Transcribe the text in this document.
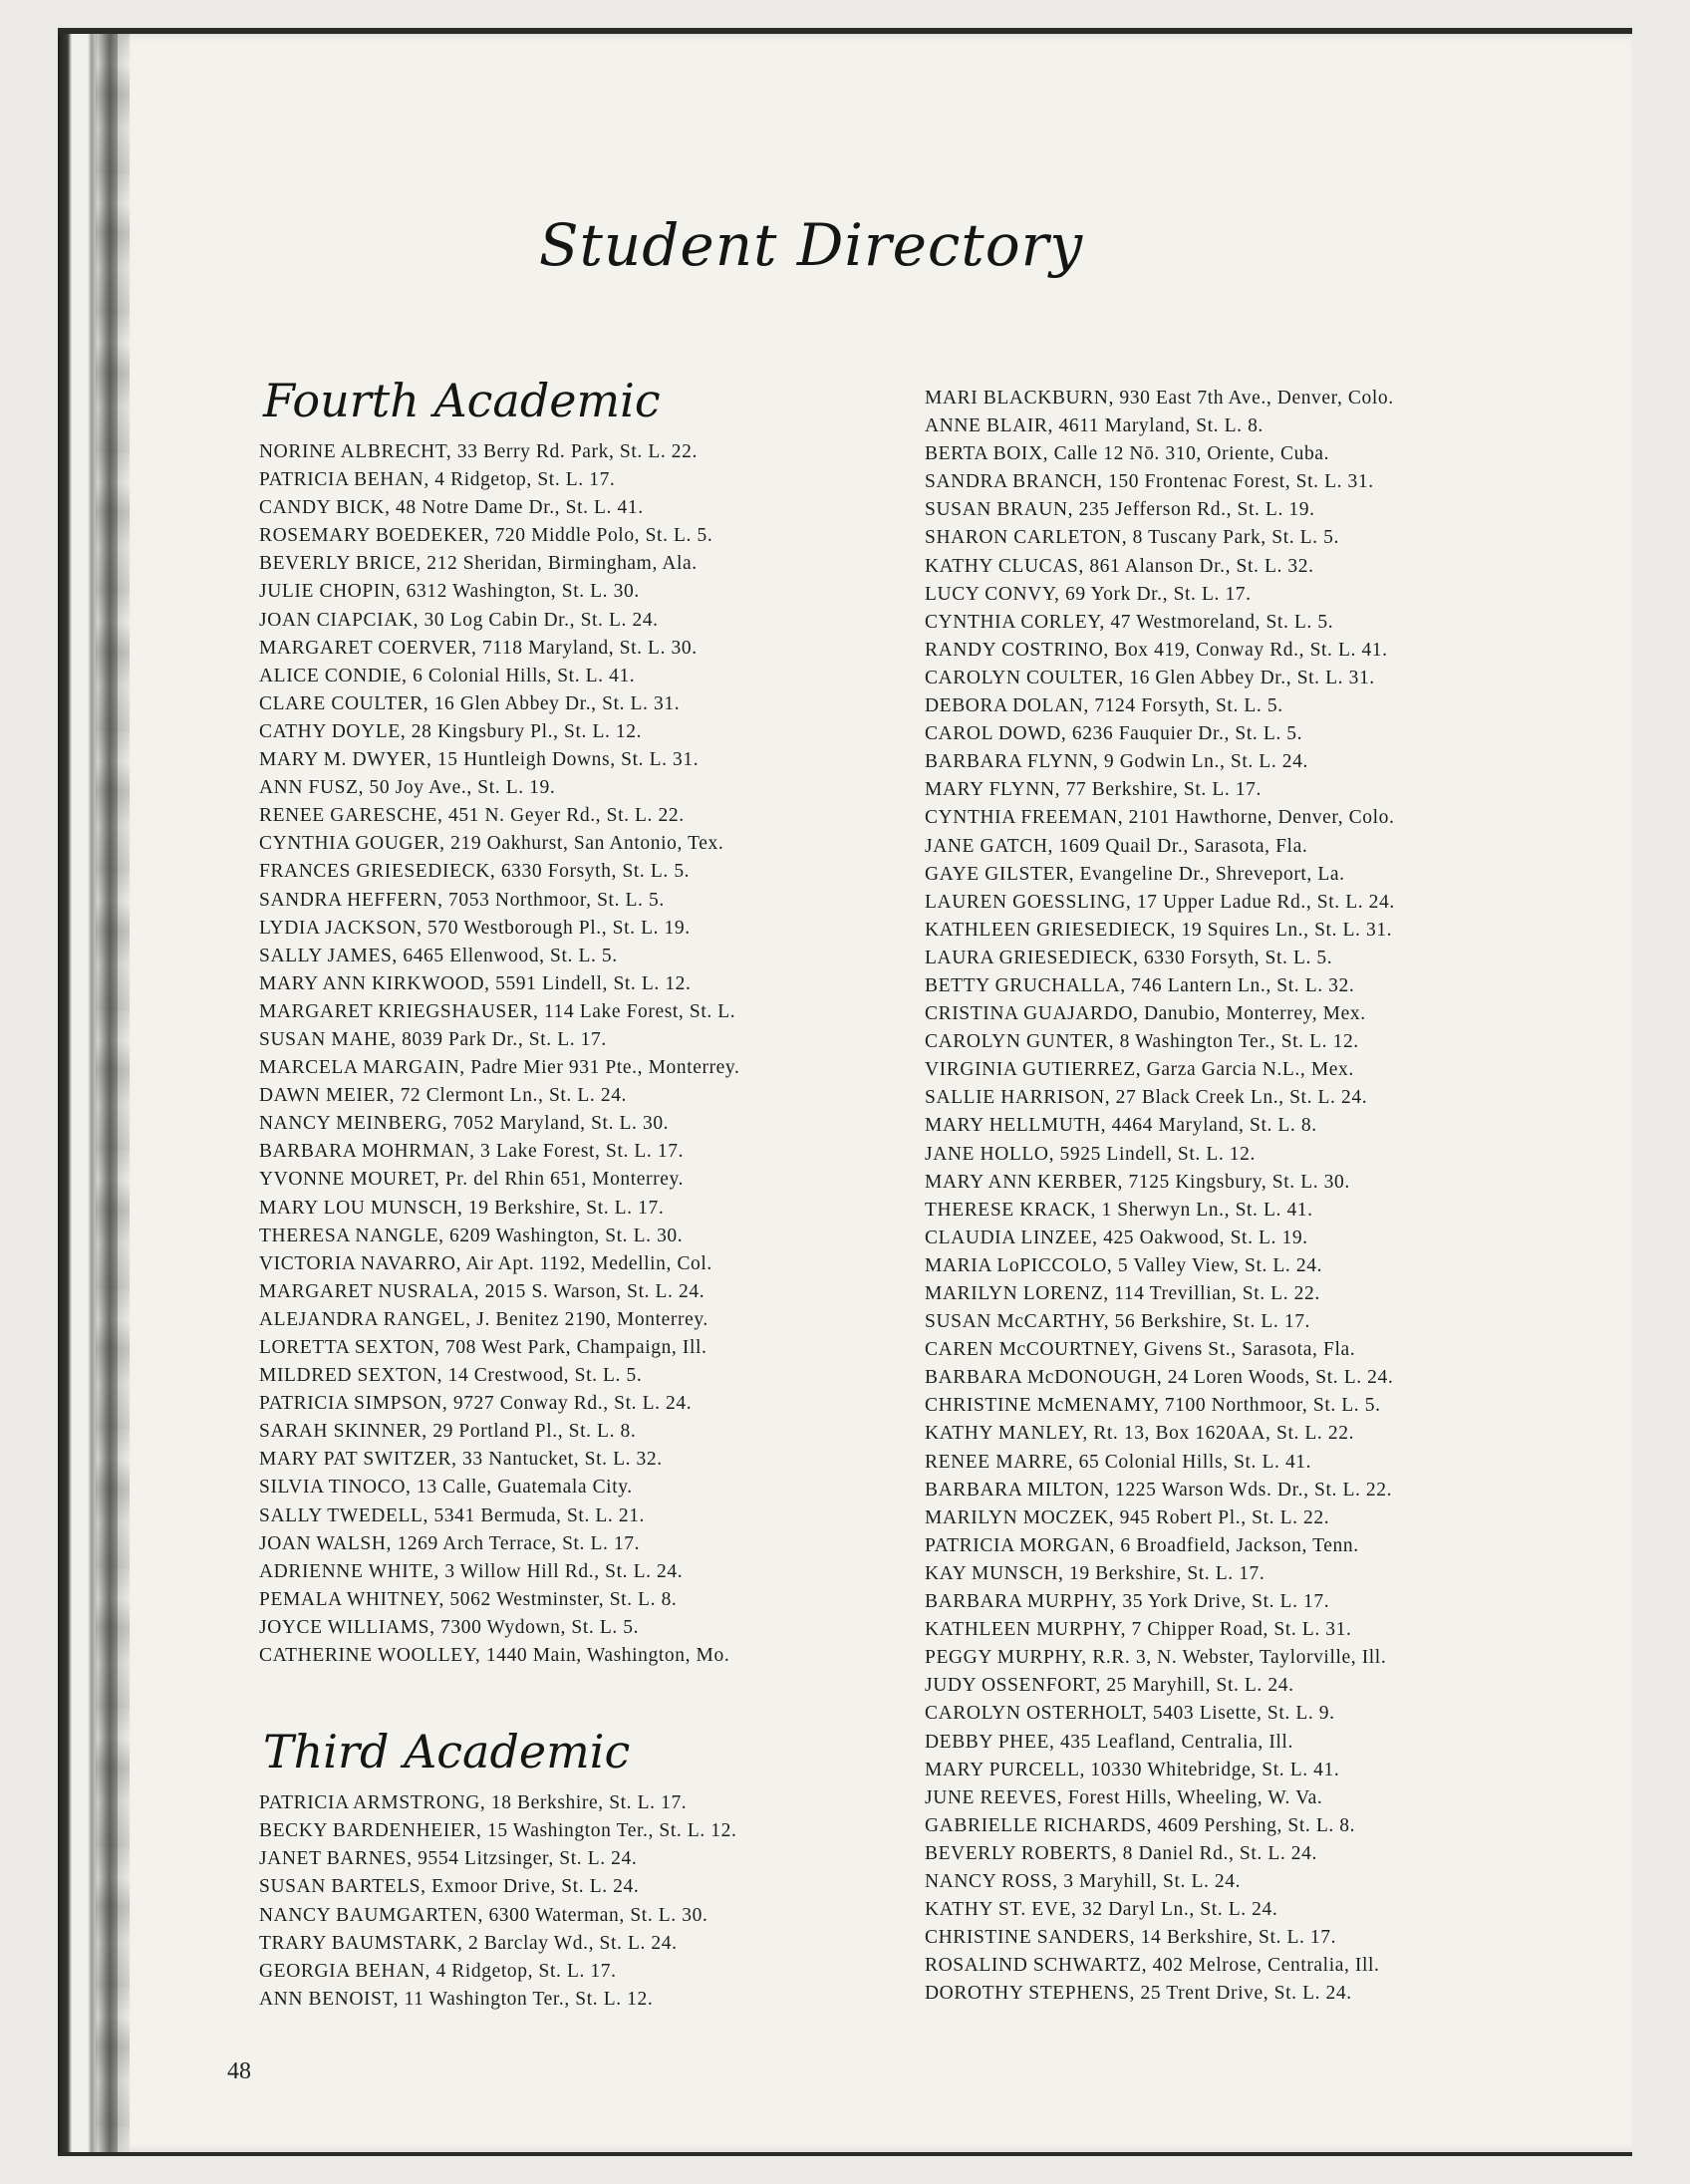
Student Directory
Fourth Academic
NORINE ALBRECHT, 33 Berry Rd. Park, St. L. 22.
PATRICIA BEHAN, 4 Ridgetop, St. L. 17.
CANDY BICK, 48 Notre Dame Dr., St. L. 41.
ROSEMARY BOEDEKER, 720 Middle Polo, St. L. 5.
BEVERLY BRICE, 212 Sheridan, Birmingham, Ala.
JULIE CHOPIN, 6312 Washington, St. L. 30.
JOAN CIAPCIAK, 30 Log Cabin Dr., St. L. 24.
MARGARET COERVER, 7118 Maryland, St. L. 30.
ALICE CONDIE, 6 Colonial Hills, St. L. 41.
CLARE COULTER, 16 Glen Abbey Dr., St. L. 31.
CATHY DOYLE, 28 Kingsbury Pl., St. L. 12.
MARY M. DWYER, 15 Huntleigh Downs, St. L. 31.
ANN FUSZ, 50 Joy Ave., St. L. 19.
RENEE GARESCHE, 451 N. Geyer Rd., St. L. 22.
CYNTHIA GOUGER, 219 Oakhurst, San Antonio, Tex.
FRANCES GRIESEDIECK, 6330 Forsyth, St. L. 5.
SANDRA HEFFERN, 7053 Northmoor, St. L. 5.
LYDIA JACKSON, 570 Westborough Pl., St. L. 19.
SALLY JAMES, 6465 Ellenwood, St. L. 5.
MARY ANN KIRKWOOD, 5591 Lindell, St. L. 12.
MARGARET KRIEGSHAUSER, 114 Lake Forest, St. L.
SUSAN MAHE, 8039 Park Dr., St. L. 17.
MARCELA MARGAIN, Padre Mier 931 Pte., Monterrey.
DAWN MEIER, 72 Clermont Ln., St. L. 24.
NANCY MEINBERG, 7052 Maryland, St. L. 30.
BARBARA MOHRMAN, 3 Lake Forest, St. L. 17.
YVONNE MOURET, Pr. del Rhin 651, Monterrey.
MARY LOU MUNSCH, 19 Berkshire, St. L. 17.
THERESA NANGLE, 6209 Washington, St. L. 30.
VICTORIA NAVARRO, Air Apt. 1192, Medellin, Col.
MARGARET NUSRALA, 2015 S. Warson, St. L. 24.
ALEJANDRA RANGEL, J. Benitez 2190, Monterrey.
LORETTA SEXTON, 708 West Park, Champaign, Ill.
MILDRED SEXTON, 14 Crestwood, St. L. 5.
PATRICIA SIMPSON, 9727 Conway Rd., St. L. 24.
SARAH SKINNER, 29 Portland Pl., St. L. 8.
MARY PAT SWITZER, 33 Nantucket, St. L. 32.
SILVIA TINOCO, 13 Calle, Guatemala City.
SALLY TWEDELL, 5341 Bermuda, St. L. 21.
JOAN WALSH, 1269 Arch Terrace, St. L. 17.
ADRIENNE WHITE, 3 Willow Hill Rd., St. L. 24.
PEMALA WHITNEY, 5062 Westminster, St. L. 8.
JOYCE WILLIAMS, 7300 Wydown, St. L. 5.
CATHERINE WOOLLEY, 1440 Main, Washington, Mo.
Third Academic
PATRICIA ARMSTRONG, 18 Berkshire, St. L. 17.
BECKY BARDENHEIER, 15 Washington Ter., St. L. 12.
JANET BARNES, 9554 Litzsinger, St. L. 24.
SUSAN BARTELS, Exmoor Drive, St. L. 24.
NANCY BAUMGARTEN, 6300 Waterman, St. L. 30.
TRARY BAUMSTARK, 2 Barclay Wd., St. L. 24.
GEORGIA BEHAN, 4 Ridgetop, St. L. 17.
ANN BENOIST, 11 Washington Ter., St. L. 12.
MARI BLACKBURN, 930 East 7th Ave., Denver, Colo.
ANNE BLAIR, 4611 Maryland, St. L. 8.
BERTA BOIX, Calle 12 Nō. 310, Oriente, Cuba.
SANDRA BRANCH, 150 Frontenac Forest, St. L. 31.
SUSAN BRAUN, 235 Jefferson Rd., St. L. 19.
SHARON CARLETON, 8 Tuscany Park, St. L. 5.
KATHY CLUCAS, 861 Alanson Dr., St. L. 32.
LUCY CONVY, 69 York Dr., St. L. 17.
CYNTHIA CORLEY, 47 Westmoreland, St. L. 5.
RANDY COSTRINO, Box 419, Conway Rd., St. L. 41.
CAROLYN COULTER, 16 Glen Abbey Dr., St. L. 31.
DEBORA DOLAN, 7124 Forsyth, St. L. 5.
CAROL DOWD, 6236 Fauquier Dr., St. L. 5.
BARBARA FLYNN, 9 Godwin Ln., St. L. 24.
MARY FLYNN, 77 Berkshire, St. L. 17.
CYNTHIA FREEMAN, 2101 Hawthorne, Denver, Colo.
JANE GATCH, 1609 Quail Dr., Sarasota, Fla.
GAYE GILSTER, Evangeline Dr., Shreveport, La.
LAUREN GOESSLING, 17 Upper Ladue Rd., St. L. 24.
KATHLEEN GRIESEDIECK, 19 Squires Ln., St. L. 31.
LAURA GRIESEDIECK, 6330 Forsyth, St. L. 5.
BETTY GRUCHALLA, 746 Lantern Ln., St. L. 32.
CRISTINA GUAJARDO, Danubio, Monterrey, Mex.
CAROLYN GUNTER, 8 Washington Ter., St. L. 12.
VIRGINIA GUTIERREZ, Garza Garcia N.L., Mex.
SALLIE HARRISON, 27 Black Creek Ln., St. L. 24.
MARY HELLMUTH, 4464 Maryland, St. L. 8.
JANE HOLLO, 5925 Lindell, St. L. 12.
MARY ANN KERBER, 7125 Kingsbury, St. L. 30.
THERESE KRACK, 1 Sherwyn Ln., St. L. 41.
CLAUDIA LINZEE, 425 Oakwood, St. L. 19.
MARIA LoPICCOLO, 5 Valley View, St. L. 24.
MARILYN LORENZ, 114 Trevillian, St. L. 22.
SUSAN McCARTHY, 56 Berkshire, St. L. 17.
CAREN McCOURTNEY, Givens St., Sarasota, Fla.
BARBARA McDONOUGH, 24 Loren Woods, St. L. 24.
CHRISTINE McMENAMY, 7100 Northmoor, St. L. 5.
KATHY MANLEY, Rt. 13, Box 1620AA, St. L. 22.
RENEE MARRE, 65 Colonial Hills, St. L. 41.
BARBARA MILTON, 1225 Warson Wds. Dr., St. L. 22.
MARILYN MOCZEK, 945 Robert Pl., St. L. 22.
PATRICIA MORGAN, 6 Broadfield, Jackson, Tenn.
KAY MUNSCH, 19 Berkshire, St. L. 17.
BARBARA MURPHY, 35 York Drive, St. L. 17.
KATHLEEN MURPHY, 7 Chipper Road, St. L. 31.
PEGGY MURPHY, R.R. 3, N. Webster, Taylorville, Ill.
JUDY OSSENFORT, 25 Maryhill, St. L. 24.
CAROLYN OSTERHOLT, 5403 Lisette, St. L. 9.
DEBBY PHEE, 435 Leafland, Centralia, Ill.
MARY PURCELL, 10330 Whitebridge, St. L. 41.
JUNE REEVES, Forest Hills, Wheeling, W. Va.
GABRIELLE RICHARDS, 4609 Pershing, St. L. 8.
BEVERLY ROBERTS, 8 Daniel Rd., St. L. 24.
NANCY ROSS, 3 Maryhill, St. L. 24.
KATHY ST. EVE, 32 Daryl Ln., St. L. 24.
CHRISTINE SANDERS, 14 Berkshire, St. L. 17.
ROSALIND SCHWARTZ, 402 Melrose, Centralia, Ill.
DOROTHY STEPHENS, 25 Trent Drive, St. L. 24.
48
